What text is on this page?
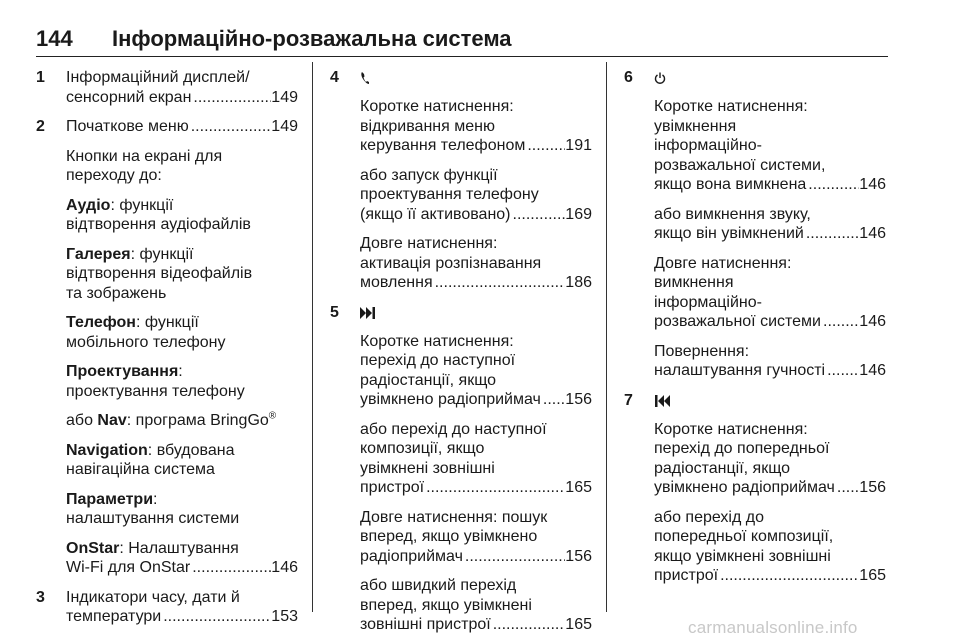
144 Інформаційно-розважальна система
1 Інформаційний дисплей/
сенсорний екран .....	149
2 Початкове меню .....	149
Кнопки на екрані для
переходу до:
Аудіо: функції
відтворення аудіофайлів
Галерея: функції
відтворення відеофайлів
та зображень
Телефон: функції
мобільного телефону
Проектування:
проектування телефону
або Nav: програма BringGo®
Navigation: вбудована
навігаційна система
Параметри:
налаштування системи
OnStar: Налаштування
Wi-Fi для OnStar .....	146
3 Індикатори часу, дати й
температури .....	153
4
Коротке натиснення:
відкривання меню
керування телефоном ..... 191
або запуск функції
проектування телефону
(якщо її активовано) .....	169
Довге натиснення:
активація розпізнавання
мовлення .....	186
5
Коротке натиснення:
перехід до наступної
радіостанції, якщо
увімкнено радіоприймач ..... 156
або перехід до наступної
композиції, якщо
увімкнені зовнішні
пристрої .....	165
Довге натиснення: пошук
вперед, якщо увімкнено
радіоприймач .....	156
або швидкий перехід
вперед, якщо увімкнені
зовнішні пристрої .....	165
6
Коротке натиснення:
увімкнення
інформаційно-
розважальної системи,
якщо вона вимкнена .....	146
або вимкнення звуку,
якщо він увімкнений .....	146
Довге натиснення:
вимкнення
інформаційно-
розважальної системи ..... 146
Повернення:
налаштування гучності ..... 146
7
Коротке натиснення:
перехід до попередньої
радіостанції, якщо
увімкнено радіоприймач ..... 156
або перехід до
попередньої композиції,
якщо увімкнені зовнішні
пристрої .....	165
carmanualsonline.info
